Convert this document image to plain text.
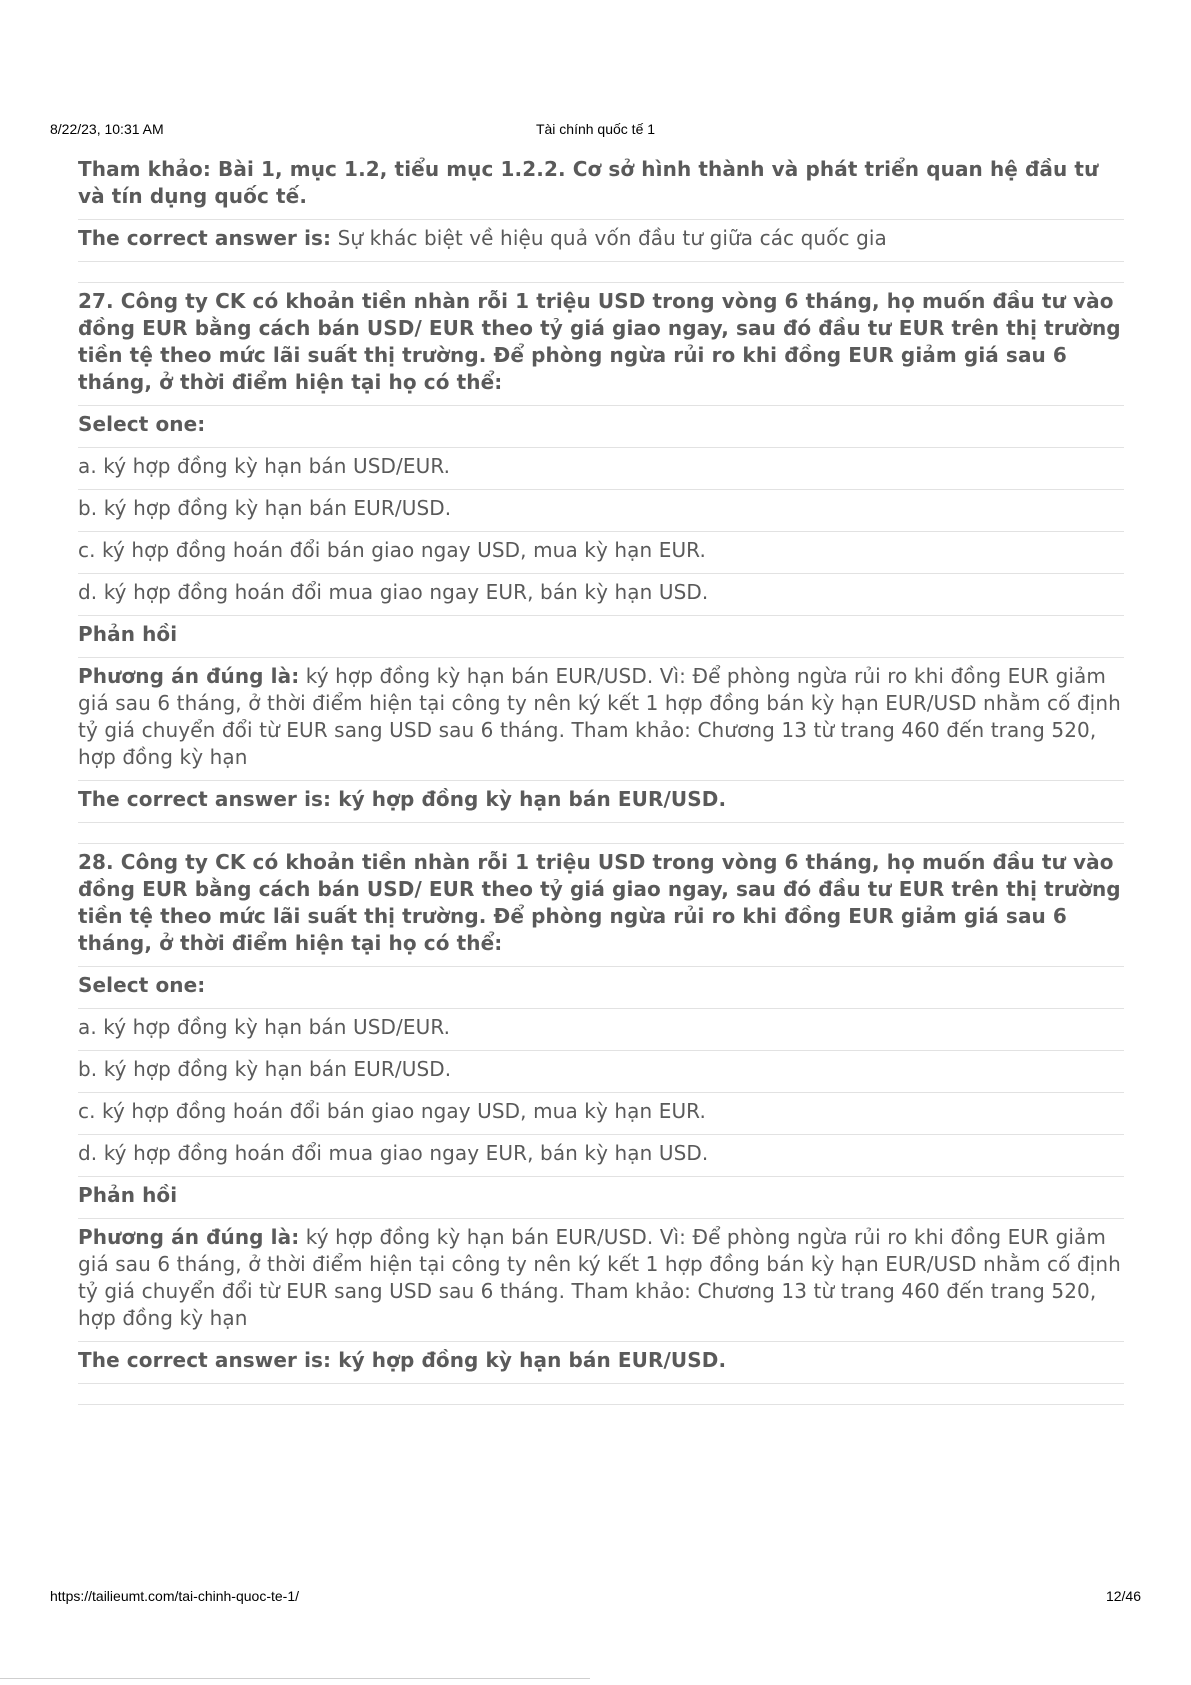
8/22/23, 10:31 AM	Tài chính quốc tế 1
Tham khảo: Bài 1, mục 1.2, tiểu mục 1.2.2. Cơ sở hình thành và phát triển quan hệ đầu tư và tín dụng quốc tế.
The correct answer is: Sự khác biệt về hiệu quả vốn đầu tư giữa các quốc gia
27. Công ty CK có khoản tiền nhàn rỗi 1 triệu USD trong vòng 6 tháng, họ muốn đầu tư vào đồng EUR bằng cách bán USD/ EUR theo tỷ giá giao ngay, sau đó đầu tư EUR trên thị trường tiền tệ theo mức lãi suất thị trường. Để phòng ngừa rủi ro khi đồng EUR giảm giá sau 6 tháng, ở thời điểm hiện tại họ có thể:
Select one:
a. ký hợp đồng kỳ hạn bán USD/EUR.
b. ký hợp đồng kỳ hạn bán EUR/USD.
c. ký hợp đồng hoán đổi bán giao ngay USD, mua kỳ hạn EUR.
d. ký hợp đồng hoán đổi mua giao ngay EUR, bán kỳ hạn USD.
Phản hồi
Phương án đúng là: ký hợp đồng kỳ hạn bán EUR/USD. Vì: Để phòng ngừa rủi ro khi đồng EUR giảm giá sau 6 tháng, ở thời điểm hiện tại công ty nên ký kết 1 hợp đồng bán kỳ hạn EUR/USD nhằm cố định tỷ giá chuyển đổi từ EUR sang USD sau 6 tháng. Tham khảo: Chương 13 từ trang 460 đến trang 520, hợp đồng kỳ hạn
The correct answer is: ký hợp đồng kỳ hạn bán EUR/USD.
28. Công ty CK có khoản tiền nhàn rỗi 1 triệu USD trong vòng 6 tháng, họ muốn đầu tư vào đồng EUR bằng cách bán USD/ EUR theo tỷ giá giao ngay, sau đó đầu tư EUR trên thị trường tiền tệ theo mức lãi suất thị trường. Để phòng ngừa rủi ro khi đồng EUR giảm giá sau 6 tháng, ở thời điểm hiện tại họ có thể:
Select one:
a. ký hợp đồng kỳ hạn bán USD/EUR.
b. ký hợp đồng kỳ hạn bán EUR/USD.
c. ký hợp đồng hoán đổi bán giao ngay USD, mua kỳ hạn EUR.
d. ký hợp đồng hoán đổi mua giao ngay EUR, bán kỳ hạn USD.
Phản hồi
Phương án đúng là: ký hợp đồng kỳ hạn bán EUR/USD. Vì: Để phòng ngừa rủi ro khi đồng EUR giảm giá sau 6 tháng, ở thời điểm hiện tại công ty nên ký kết 1 hợp đồng bán kỳ hạn EUR/USD nhằm cố định tỷ giá chuyển đổi từ EUR sang USD sau 6 tháng. Tham khảo: Chương 13 từ trang 460 đến trang 520, hợp đồng kỳ hạn
The correct answer is: ký hợp đồng kỳ hạn bán EUR/USD.
https://tailieumt.com/tai-chinh-quoc-te-1/	12/46
